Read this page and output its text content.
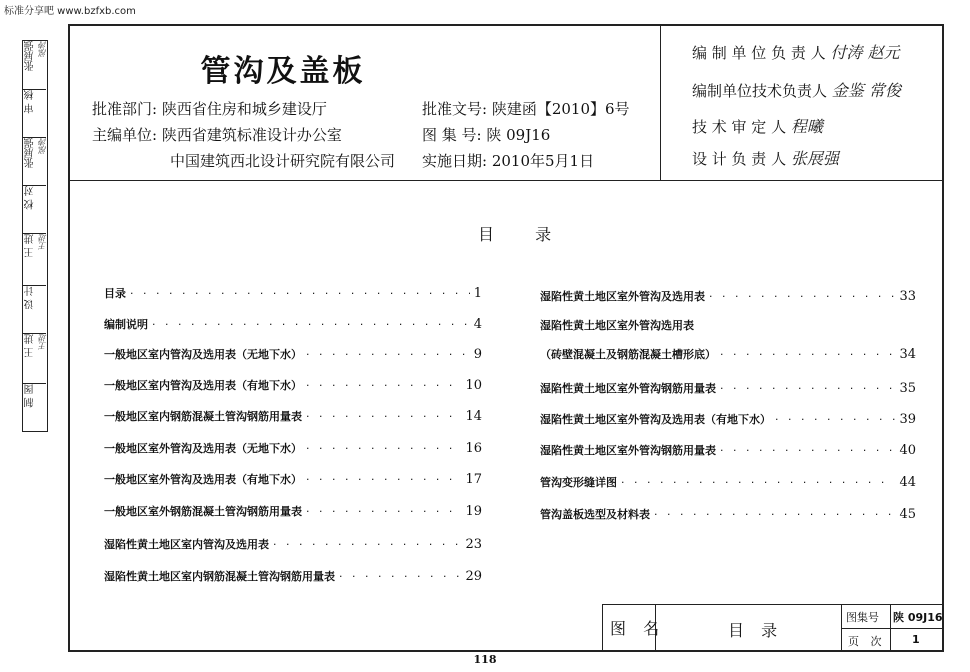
标准分享吧 www.bzfxb.com
张展强 泓涛
审 核
张展强 泓涛
校 对
王 进 王进
设 计
王 进 王进
制 图
管沟及盖板
批准部门: 陕西省住房和城乡建设厅
主编单位: 陕西省建筑标准设计办公室
中国建筑西北设计研究院有限公司
批准文号: 陕建函【2010】6号
图 集 号: 陕 09J16
实施日期: 2010年5月1日
编 制 单 位 负 责 人 付涛 赵元
编制单位技术负责人 金鉴 常俊
技 术 审 定 人 程曦
设 计 负 责 人 张展强
目 录
目录 · · ·	1
编制说明 · · ·	4
一般地区室内管沟及选用表（无地下水） · · ·	9
一般地区室内管沟及选用表（有地下水） · · ·	10
一般地区室内钢筋混凝土管沟钢筋用量表 · · ·	14
一般地区室外管沟及选用表（无地下水） · · ·	16
一般地区室外管沟及选用表（有地下水） · · ·	17
一般地区室外钢筋混凝土管沟钢筋用量表 · · ·	19
湿陷性黄土地区室内管沟及选用表 · · ·	23
湿陷性黄土地区室内钢筋混凝土管沟钢筋用量表 · · ·	29
湿陷性黄土地区室外管沟及选用表 · · ·	33
湿陷性黄土地区室外管沟选用表
（砖壁混凝土及钢筋混凝土槽形底） · · ·	34
湿陷性黄土地区室外管沟钢筋用量表 · · ·	35
湿陷性黄土地区室外管沟及选用表（有地下水） · · ·	39
湿陷性黄土地区室外管沟钢筋用量表 · · ·	40
管沟变形缝详图 · · ·	44
管沟盖板选型及材料表 · · ·	45
图 名	目 录
图集号 陕 09J16
页 次 1
118
